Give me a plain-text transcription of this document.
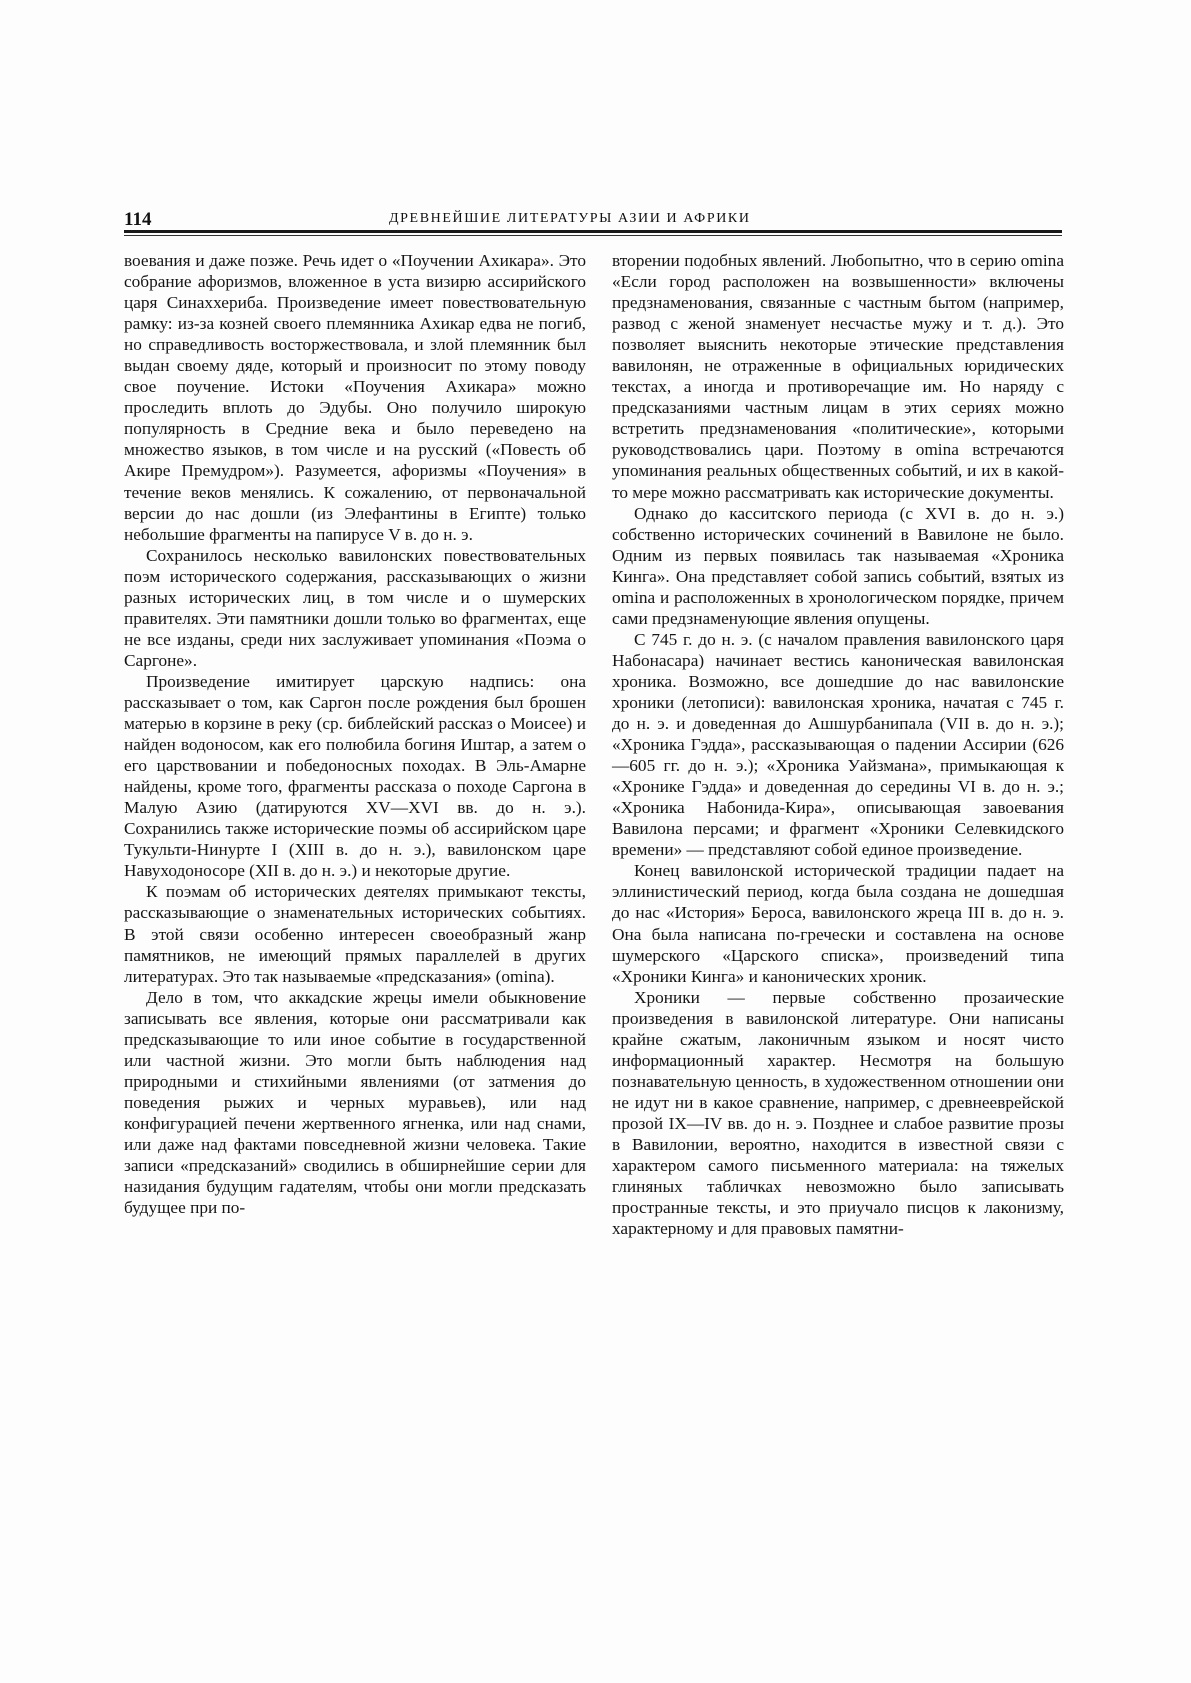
114	ДРЕВНЕЙШИЕ ЛИТЕРАТУРЫ АЗИИ И АФРИКИ

воевания и даже позже. Речь идет о «Поучении Ахикара». Это собрание афоризмов, вложенное в уста визирю ассирийского царя Синаххериба. Произведение имеет повествовательную рамку: из-за козней своего племянника Ахикар едва не погиб, но справедливость восторжествовала, и злой племянник был выдан своему дяде, который и произносит по этому поводу свое поучение. Истоки «Поучения Ахикара» можно проследить вплоть до Эдубы. Оно получило широкую популярность в Средние века и было переведено на множество языков, в том числе и на русский («Повесть об Акире Премудром»). Разумеется, афоризмы «Поучения» в течение веков менялись. К сожалению, от первоначальной версии до нас дошли (из Элефантины в Египте) только небольшие фрагменты на папирусе V в. до н. э.

Сохранилось несколько вавилонских повествовательных поэм исторического содержания, рассказывающих о жизни разных исторических лиц, в том числе и о шумерских правителях. Эти памятники дошли только во фрагментах, еще не все изданы, среди них заслуживает упоминания «Поэма о Саргоне».

Произведение имитирует царскую надпись: она рассказывает о том, как Саргон после рождения был брошен матерью в корзине в реку (ср. библейский рассказ о Моисее) и найден водоносом, как его полюбила богиня Иштар, а затем о его царствовании и победоносных походах. В Эль-Амарне найдены, кроме того, фрагменты рассказа о походе Саргона в Малую Азию (датируются XV—XVI вв. до н. э.). Сохранились также исторические поэмы об ассирийском царе Тукульти-Нинурте I (XIII в. до н. э.), вавилонском царе Навуходоносоре (XII в. до н. э.) и некоторые другие.

К поэмам об исторических деятелях примыкают тексты, рассказывающие о знаменательных исторических событиях. В этой связи особенно интересен своеобразный жанр памятников, не имеющий прямых параллелей в других литературах. Это так называемые «предсказания» (omina).

Дело в том, что аккадские жрецы имели обыкновение записывать все явления, которые они рассматривали как предсказывающие то или иное событие в государственной или частной жизни. Это могли быть наблюдения над природными и стихийными явлениями (от затмения до поведения рыжих и черных муравьев), или над конфигурацией печени жертвенного ягненка, или над снами, или даже над фактами повседневной жизни человека. Такие записи «предсказаний» сводились в обширнейшие серии для назидания будущим гадателям, чтобы они могли предсказать будущее при по-

вторении подобных явлений. Любопытно, что в серию omina «Если город расположен на возвышенности» включены предзнаменования, связанные с частным бытом (например, развод с женой знаменует несчастье мужу и т. д.). Это позволяет выяснить некоторые этические представления вавилонян, не отраженные в официальных юридических текстах, а иногда и противоречащие им. Но наряду с предсказаниями частным лицам в этих сериях можно встретить предзнаменования «политические», которыми руководствовались цари. Поэтому в omina встречаются упоминания реальных общественных событий, и их в какой-то мере можно рассматривать как исторические документы.

Однако до касситского периода (с XVI в. до н. э.) собственно исторических сочинений в Вавилоне не было. Одним из первых появилась так называемая «Хроника Кинга». Она представляет собой запись событий, взятых из omina и расположенных в хронологическом порядке, причем сами предзнаменующие явления опущены.

С 745 г. до н. э. (с началом правления вавилонского царя Набонасара) начинает вестись каноническая вавилонская хроника. Возможно, все дошедшие до нас вавилонские хроники (летописи): вавилонская хроника, начатая с 745 г. до н. э. и доведенная до Ашшурбанипала (VII в. до н. э.); «Хроника Гэдда», рассказывающая о падении Ассирии (626—605 гг. до н. э.); «Хроника Уайзмана», примыкающая к «Хронике Гэдда» и доведенная до середины VI в. до н. э.; «Хроника Набонида-Кира», описывающая завоевания Вавилона персами; и фрагмент «Хроники Селевкидского времени» — представляют собой единое произведение.

Конец вавилонской исторической традиции падает на эллинистический период, когда была создана не дошедшая до нас «История» Бероса, вавилонского жреца III в. до н. э. Она была написана по-гречески и составлена на основе шумерского «Царского списка», произведений типа «Хроники Кинга» и канонических хроник.

Хроники — первые собственно прозаические произведения в вавилонской литературе. Они написаны крайне сжатым, лаконичным языком и носят чисто информационный характер. Несмотря на большую познавательную ценность, в художественном отношении они не идут ни в какое сравнение, например, с древнееврейской прозой IX—IV вв. до н. э. Позднее и слабое развитие прозы в Вавилонии, вероятно, находится в известной связи с характером самого письменного материала: на тяжелых глиняных табличках невозможно было записывать пространные тексты, и это приучало писцов к лаконизму, характерному и для правовых памятни-
